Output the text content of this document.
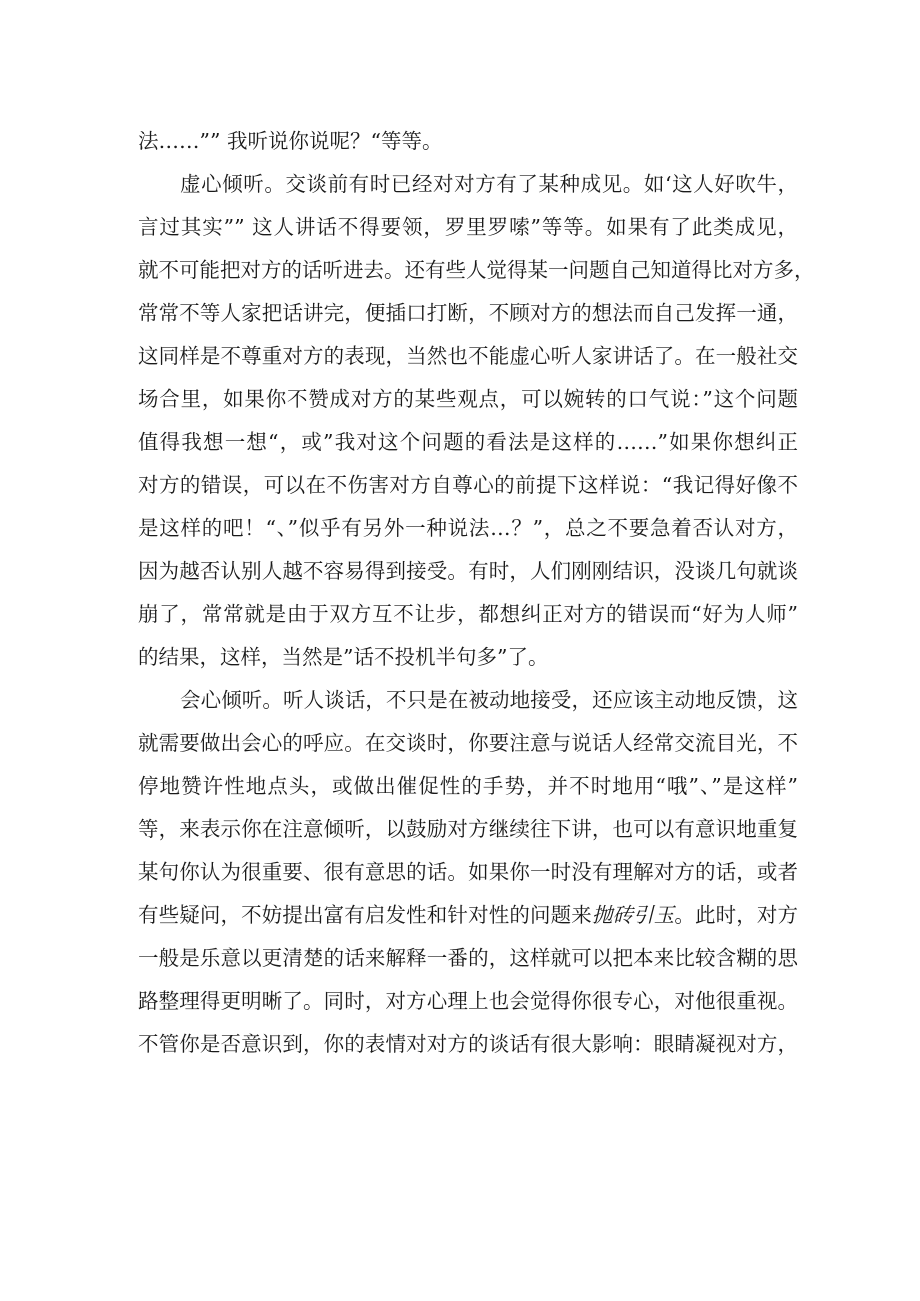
法……”” 我听说你说呢？“等等。
虚心倾听。交谈前有时已经对对方有了某种成见。如‘这人好吹牛，
言过其实”” 这人讲话不得要领，罗里罗嗦”等等。如果有了此类成见，
就不可能把对方的话听进去。还有些人觉得某一问题自己知道得比对方多，
常常不等人家把话讲完，便插口打断，不顾对方的想法而自己发挥一通，
这同样是不尊重对方的表现，当然也不能虚心听人家讲话了。在一般社交
场合里，如果你不赞成对方的某些观点，可以婉转的口气说：”这个问题
值得我想一想“，或”我对这个问题的看法是这样的……”如果你想纠正
对方的错误，可以在不伤害对方自尊心的前提下这样说：“我记得好像不
是这样的吧！“、”似乎有另外一种说法…？”，总之不要急着否认对方，
因为越否认别人越不容易得到接受。有时，人们刚刚结识，没谈几句就谈
崩了，常常就是由于双方互不让步，都想纠正对方的错误而“好为人师”
的结果，这样，当然是”话不投机半句多”了。
会心倾听。听人谈话，不只是在被动地接受，还应该主动地反馈，这
就需要做出会心的呼应。在交谈时，你要注意与说话人经常交流目光，不
停地赞许性地点头，或做出催促性的手势，并不时地用“哦”、”是这样”
等，来表示你在注意倾听，以鼓励对方继续往下讲，也可以有意识地重复
某句你认为很重要、很有意思的话。如果你一时没有理解对方的话，或者
有些疑问，不妨提出富有启发性和针对性的问题来抛砖引玉。此时，对方
一般是乐意以更清楚的话来解释一番的，这样就可以把本来比较含糊的思
路整理得更明晰了。同时，对方心理上也会觉得你很专心，对他很重视。
不管你是否意识到，你的表情对对方的谈话有很大影响：眼睛凝视对方，
